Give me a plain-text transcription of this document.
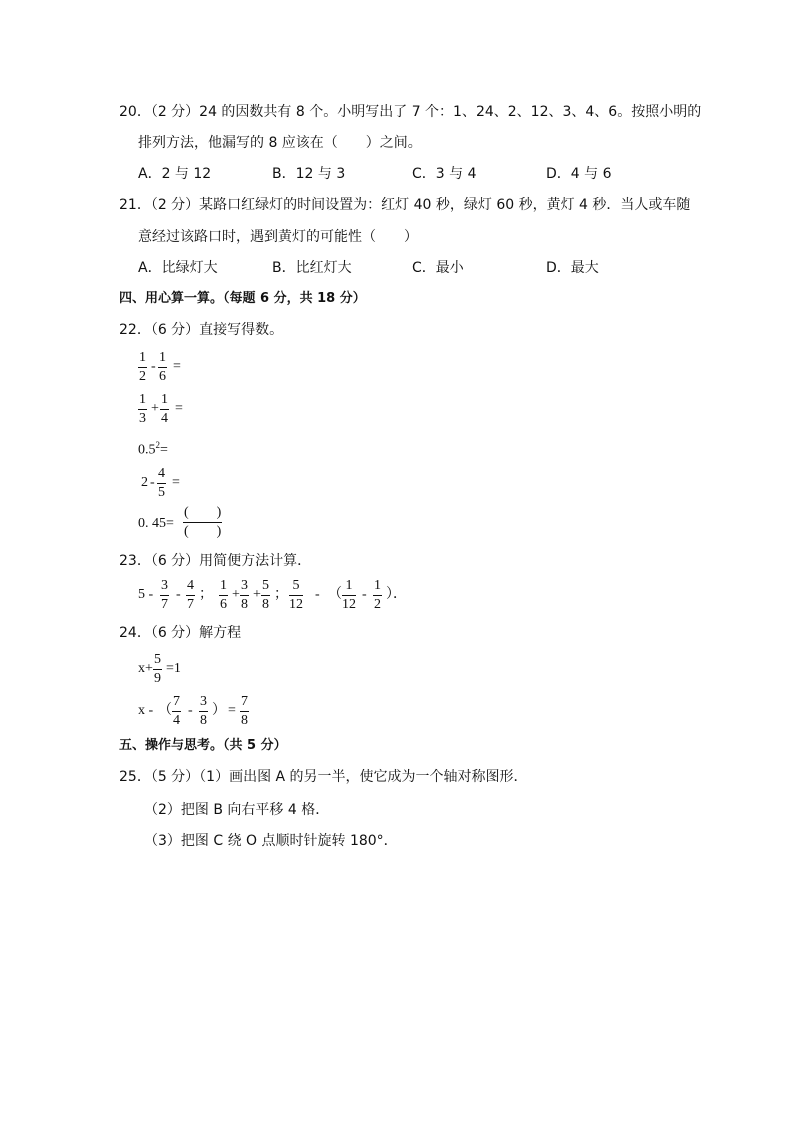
20．（2 分）24 的因数共有 8 个。小明写出了 7 个：1、24、2、12、3、4、6。按照小明的
排列方法，他漏写的 8 应该在（　　）之间。
A．2 与 12	B．12 与 3	C．3 与 4	D．4 与 6
21．（2 分）某路口红绿灯的时间设置为：红灯 40 秒，绿灯 60 秒，黄灯 4 秒．当人或车随
意经过该路口时，遇到黄灯的可能性（　　）
A．比绿灯大	B．比红灯大	C．最小	D．最大
四、用心算一算。（每题 6 分，共 18 分）
22．（6 分）直接写得数。
$\frac{1}{2} - \frac{1}{6}$ =
$\frac{1}{3} + \frac{1}{4}$ =
$0.5^2=$
$2 - \frac{4}{5}$ =
0. 45=
(　　)
(　　)
23．（6 分）用简便方法计算．
$5 - \frac{3}{7} - \frac{4}{7}$ ； $\frac{1}{6} + \frac{3}{8} + \frac{5}{8}$ ； $\frac{5}{12}$ - （ $\frac{1}{12} - \frac{1}{2}$ ）．
24．（6 分）解方程
$x+ \frac{5}{9} =1$
x - （ $\frac{7}{4} - \frac{3}{8}$ ） = $\frac{7}{8}$
五、操作与思考。（共 5 分）
25．（5 分）（1）画出图 A 的另一半，使它成为一个轴对称图形．
（2）把图 B 向右平移 4 格．
（3）把图 C 绕 O 点顺时针旋转 180°．
